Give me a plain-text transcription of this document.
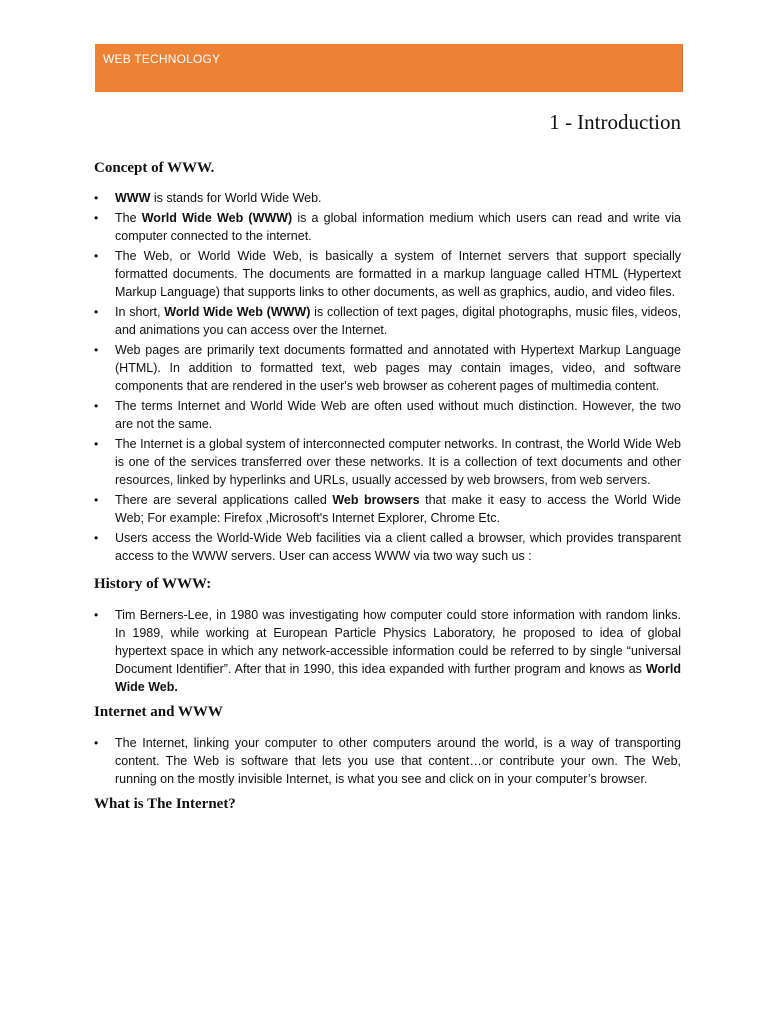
WEB TECHNOLOGY
1 - Introduction
Concept of WWW.
• WWW is stands for World Wide Web.
• The World Wide Web (WWW) is a global information medium which users can read and write via computer connected to the internet.
• The Web, or World Wide Web, is basically a system of Internet servers that support specially formatted documents. The documents are formatted in a markup language called HTML (Hypertext Markup Language) that supports links to other documents, as well as graphics, audio, and video files.
• In short, World Wide Web (WWW) is collection of text pages, digital photographs, music files, videos, and animations you can access over the Internet.
• Web pages are primarily text documents formatted and annotated with Hypertext Markup Language (HTML). In addition to formatted text, web pages may contain images, video, and software components that are rendered in the user's web browser as coherent pages of multimedia content.
• The terms Internet and World Wide Web are often used without much distinction. However, the two are not the same.
• The Internet is a global system of interconnected computer networks. In contrast, the World Wide Web is one of the services transferred over these networks. It is a collection of text documents and other resources, linked by hyperlinks and URLs, usually accessed by web browsers, from web servers.
• There are several applications called Web browsers that make it easy to access the World Wide Web; For example: Firefox ,Microsoft's Internet Explorer, Chrome Etc.
• Users access the World-Wide Web facilities via a client called a browser, which provides transparent access to the WWW servers. User can access WWW via two way such us :
History of WWW:
• Tim Berners-Lee, in 1980 was investigating how computer could store information with random links. In 1989, while working at European Particle Physics Laboratory, he proposed to idea of global hypertext space in which any network-accessible information could be referred to by single “universal Document Identifier”. After that in 1990, this idea expanded with further program and knows as World Wide Web.
Internet and WWW
• The Internet, linking your computer to other computers around the world, is a way of transporting content. The Web is software that lets you use that content…or contribute your own. The Web, running on the mostly invisible Internet, is what you see and click on in your computer’s browser.
What is The Internet?
